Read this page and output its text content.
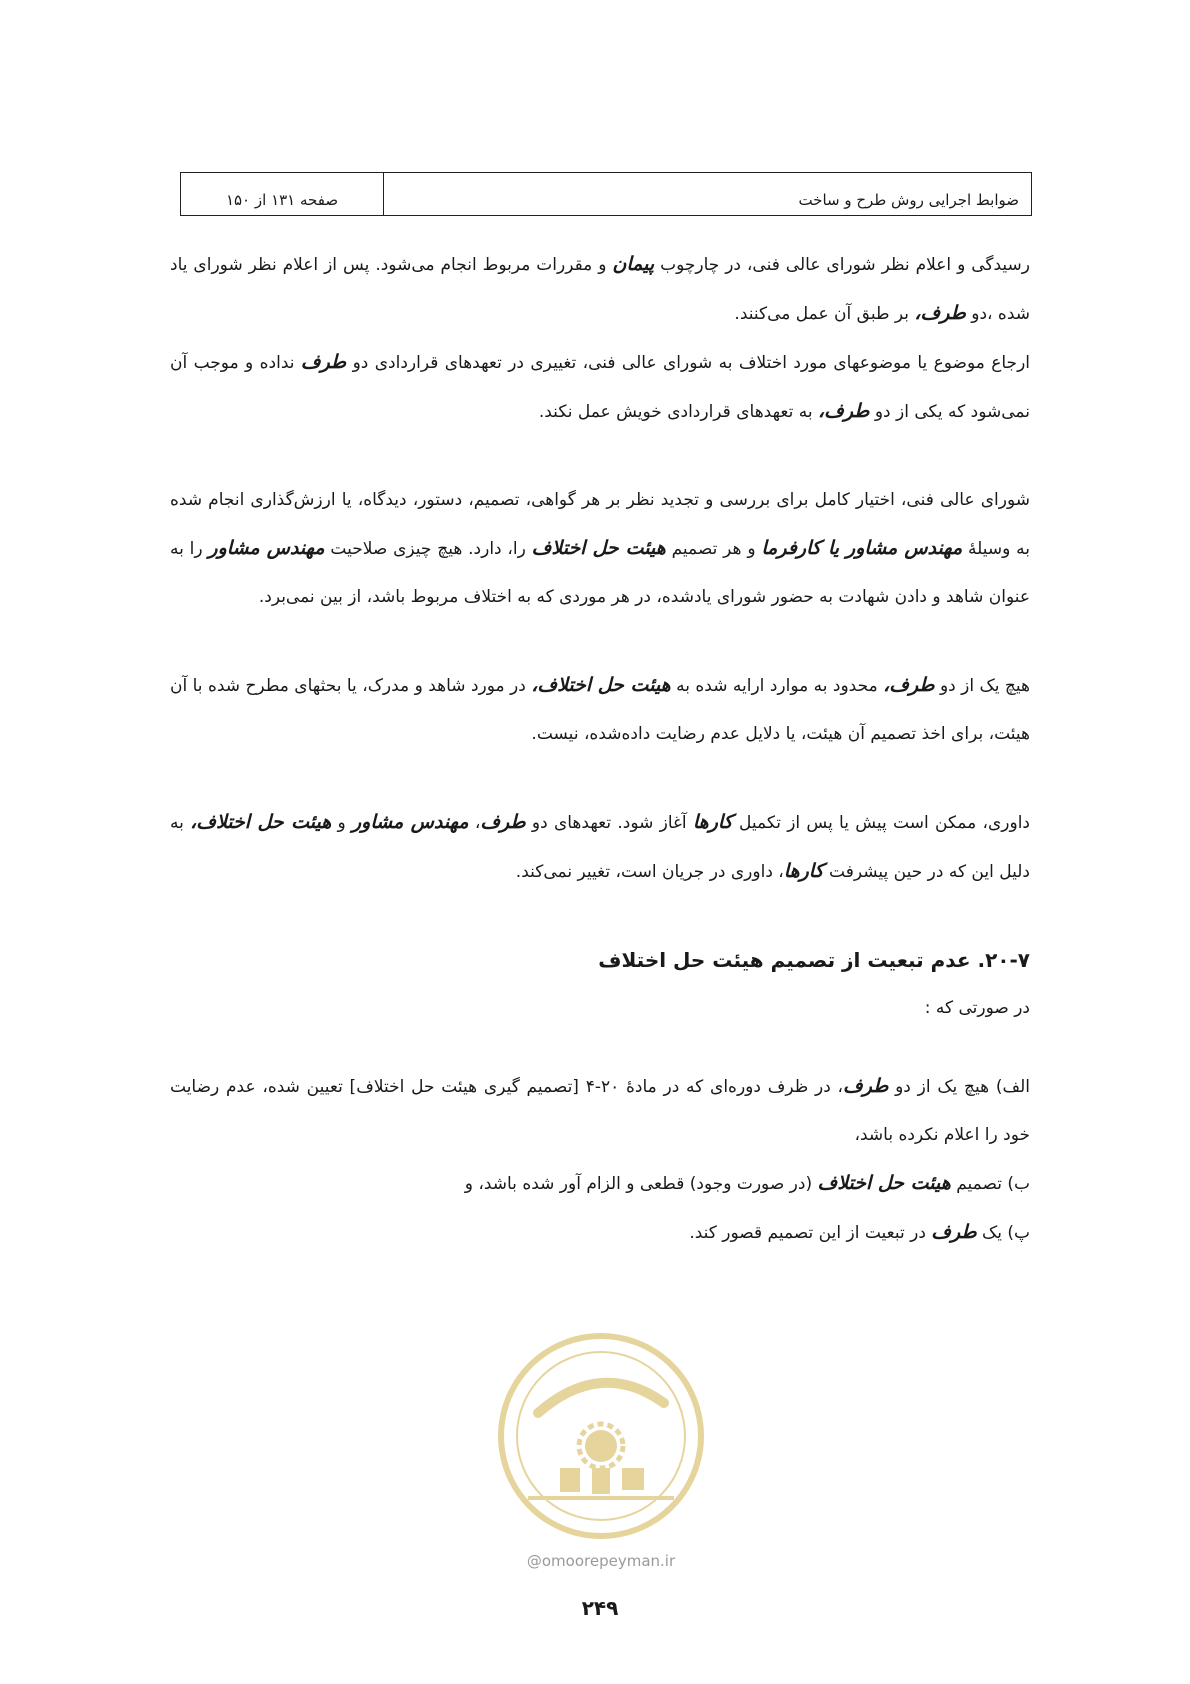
ضوابط اجرایی روش طرح و ساخت
صفحه ۱۳۱ از ۱۵۰

رسیدگی و اعلام نظر شورای عالی فنی، در چارچوب پیمان و مقررات مربوط انجام می‌شود. پس از اعلام نظر شورای یاد شده ،دو طرف، بر طبق آن عمل می‌کنند.

ارجاع موضوع یا موضوعهای مورد اختلاف به شورای عالی فنی، تغییری در تعهدهای قراردادی دو طرف نداده و موجب آن نمی‌شود که یکی از دو طرف، به تعهدهای قراردادی خویش عمل نکند.

شورای عالی فنی، اختیار کامل برای بررسی و تجدید نظر بر هر گواهی، تصمیم، دستور، دیدگاه، یا ارزش‌گذاری انجام شده به وسیلهٔ مهندس مشاور یا کارفرما و هر تصمیم هیئت حل اختلاف را، دارد. هیچ چیزی صلاحیت مهندس مشاور را به عنوان شاهد و دادن شهادت به حضور شورای یادشده، در هر موردی که به اختلاف مربوط باشد، از بین نمی‌برد.

هیچ یک از دو طرف، محدود به موارد ارایه شده به هیئت حل اختلاف، در مورد شاهد و مدرک، یا بحثهای مطرح شده با آن هیئت، برای اخذ تصمیم آن هیئت، یا دلایل عدم رضایت داده‌شده، نیست.

داوری، ممکن است پیش یا پس از تکمیل کارها آغاز شود. تعهدهای دو طرف، مهندس مشاور و هیئت حل اختلاف، به دلیل این که در حین پیشرفت کارها، داوری در جریان است، تغییر نمی‌کند.

۲۰-۷. عدم تبعیت از تصمیم هیئت حل اختلاف

در صورتی که :

الف) هیچ یک از دو طرف، در ظرف دوره‌ای که در مادهٔ ۲۰-۴ [تصمیم گیری هیئت حل اختلاف] تعیین شده، عدم رضایت خود را اعلام نکرده باشد،

ب) تصمیم هیئت حل اختلاف (در صورت وجود) قطعی و الزام آور شده باشد، و

پ) یک طرف در تبعیت از این تصمیم قصور کند.

@omoorepeyman.ir
۲۴۹
